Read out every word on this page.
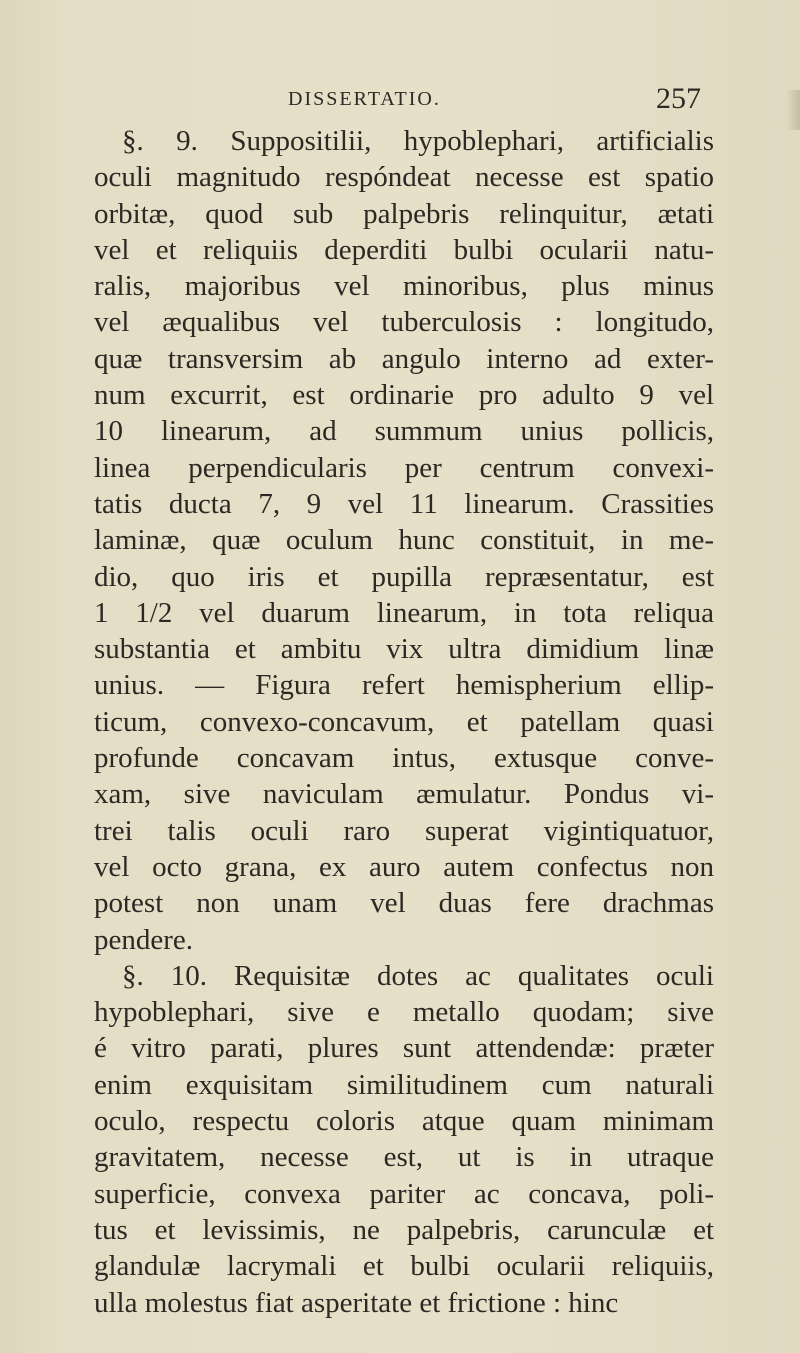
DISSERTATIO.	257
§. 9. Suppositilii, hypoblephari, artificialis
oculi magnitudo respóndeat necesse est spatio
orbitæ, quod sub palpebris relinquitur, ætati
vel et reliquiis deperditi bulbi ocularii natu-
ralis, majoribus vel minoribus, plus minus
vel æqualibus vel tuberculosis : longitudo,
quæ transversim ab angulo interno ad exter-
num excurrit, est ordinarie pro adulto 9 vel
10 linearum, ad summum unius pollicis,
linea perpendicularis per centrum convexi-
tatis ducta 7, 9 vel 11 linearum. Crassities
laminæ, quæ oculum hunc constituit, in me-
dio, quo iris et pupilla repræsentatur, est
1 1/2 vel duarum linearum, in tota reliqua
substantia et ambitu vix ultra dimidium linæ
unius. — Figura refert hemispherium ellip-
ticum, convexo-concavum, et patellam quasi
profunde concavam intus, extusque conve-
xam, sive naviculam æmulatur. Pondus vi-
trei talis oculi raro superat vigintiquatuor,
vel octo grana, ex auro autem confectus non
potest non unam vel duas fere drachmas
pendere.
§. 10. Requisitæ dotes ac qualitates oculi
hypoblephari, sive e metallo quodam; sive
é vitro parati, plures sunt attendendæ: præter
enim exquisitam similitudinem cum naturali
oculo, respectu coloris atque quam minimam
gravitatem, necesse est, ut is in utraque
superficie, convexa pariter ac concava, poli-
tus et levissimis, ne palpebris, carunculæ et
glandulæ lacrymali et bulbi ocularii reliquiis,
ulla molestus fiat asperitate et frictione : hinc
